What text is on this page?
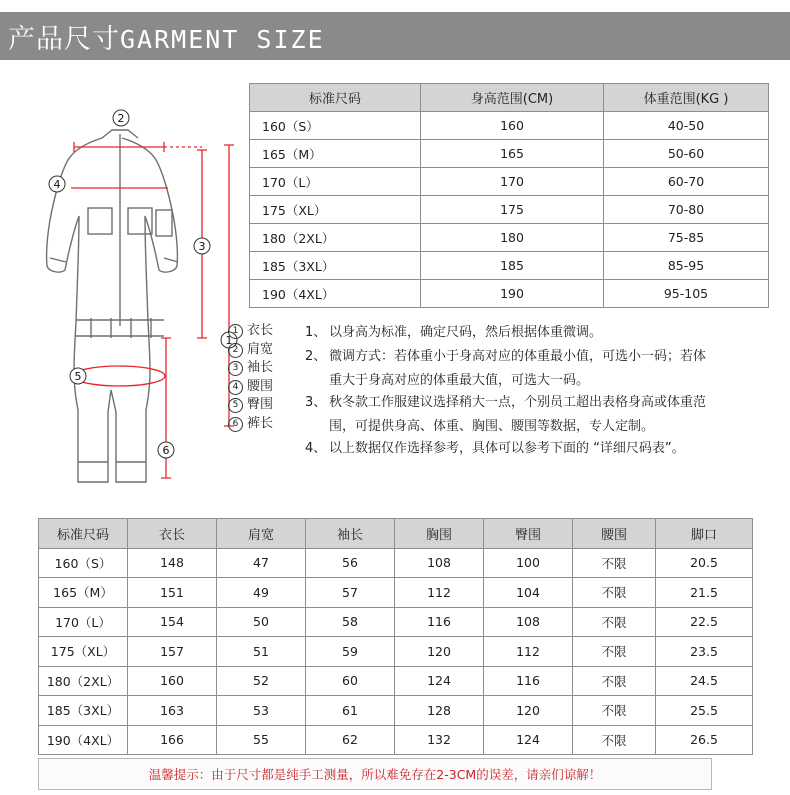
产品尺寸GARMENT SIZE
2
4
3
1
5
6
标准尺码	身高范围(CM)	体重范围(KG )
160（S）	160	40-50
165（M）	165	50-60
170（L）	170	60-70
175（XL）	175	70-80
180（2XL）	180	75-85
185（3XL）	185	85-95
190（4XL）	190	95-105
1 衣长
2 肩宽
3 袖长
4 腰围
5 臀围
6 裤长
1、 以身高为标准，确定尺码，然后根据体重微调。
2、 微调方式：若体重小于身高对应的体重最小值，可选小一码；若体
重大于身高对应的体重最大值，可选大一码。
3、 秋冬款工作服建议选择稍大一点，个别员工超出表格身高或体重范
围，可提供身高、体重、胸围、腰围等数据，专人定制。
4、 以上数据仅作选择参考，具体可以参考下面的 “详细尺码表”。
标准尺码	衣长	肩宽	袖长	胸围	臀围	腰围	脚口
160（S）	148	47	56	108	100	不限	20.5
165（M）	151	49	57	112	104	不限	21.5
170（L）	154	50	58	116	108	不限	22.5
175（XL）	157	51	59	120	112	不限	23.5
180（2XL）	160	52	60	124	116	不限	24.5
185（3XL）	163	53	61	128	120	不限	25.5
190（4XL）	166	55	62	132	124	不限	26.5
温馨提示： 由于尺寸都是纯手工测量，所以难免存在2-3CM的误差，请亲们谅解！
